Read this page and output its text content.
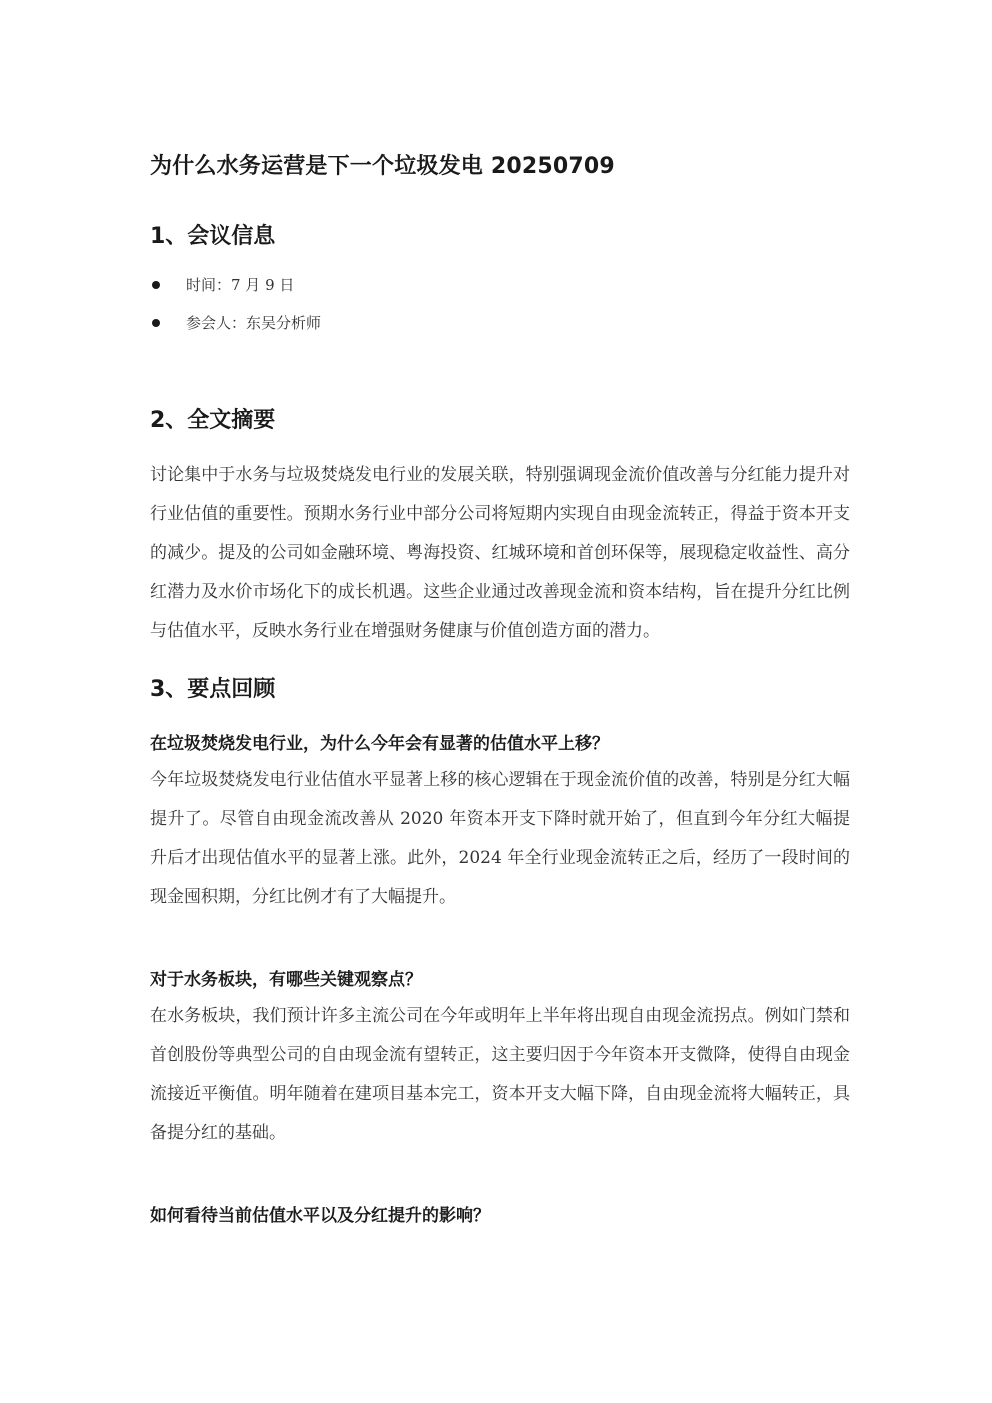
为什么水务运营是下一个垃圾发电 20250709
1、会议信息
时间：7 月 9 日
参会人：东吴分析师
2、全文摘要

讨论集中于水务与垃圾焚烧发电行业的发展关联，特别强调现金流价值改善与分红能力提升对行业估值的重要性。预期水务行业中部分公司将短期内实现自由现金流转正，得益于资本开支的减少。提及的公司如金融环境、粤海投资、红城环境和首创环保等，展现稳定收益性、高分红潜力及水价市场化下的成长机遇。这些企业通过改善现金流和资本结构，旨在提升分红比例与估值水平，反映水务行业在增强财务健康与价值创造方面的潜力。

3、要点回顾

在垃圾焚烧发电行业，为什么今年会有显著的估值水平上移？

今年垃圾焚烧发电行业估值水平显著上移的核心逻辑在于现金流价值的改善，特别是分红大幅提升了。尽管自由现金流改善从 2020 年资本开支下降时就开始了，但直到今年分红大幅提升后才出现估值水平的显著上涨。此外，2024 年全行业现金流转正之后，经历了一段时间的现金囤积期，分红比例才有了大幅提升。

对于水务板块，有哪些关键观察点？

在水务板块，我们预计许多主流公司在今年或明年上半年将出现自由现金流拐点。例如门禁和首创股份等典型公司的自由现金流有望转正，这主要归因于今年资本开支微降，使得自由现金流接近平衡值。明年随着在建项目基本完工，资本开支大幅下降，自由现金流将大幅转正，具备提分红的基础。

如何看待当前估值水平以及分红提升的影响？
